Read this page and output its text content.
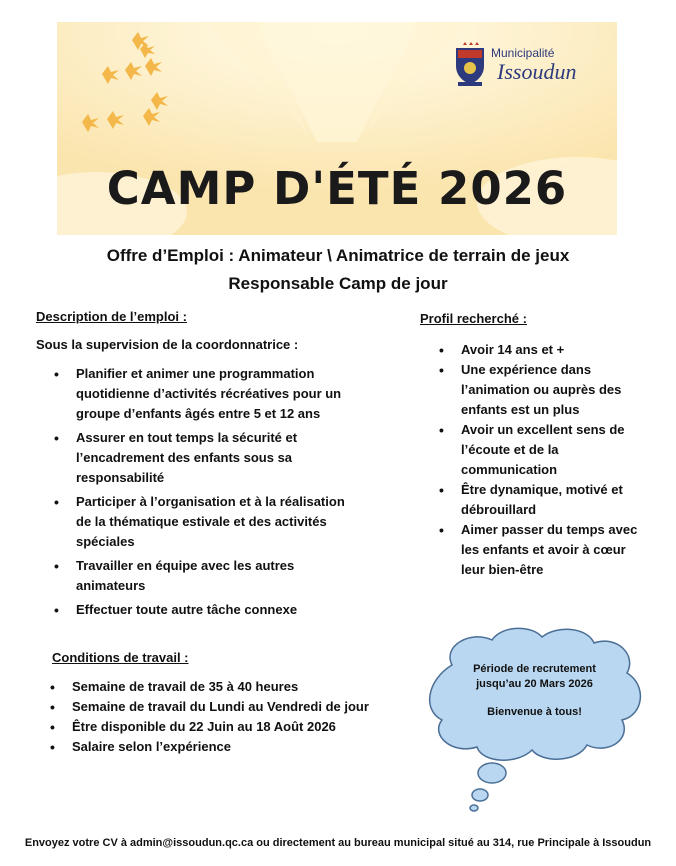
Municipalité
Issoudun
CAMP D'ÉTÉ 2026

Offre d’Emploi : Animateur \ Animatrice de terrain de jeux

Responsable Camp de jour

Description de l’emploi :

Sous la supervision de la coordonnatrice :

• Planifier et animer une programmation quotidienne d’activités récréatives pour un groupe d’enfants âgés entre 5 et 12 ans
• Assurer en tout temps la sécurité et l’encadrement des enfants sous sa responsabilité
• Participer à l’organisation et à la réalisation de la thématique estivale et des activités spéciales
• Travailler en équipe avec les autres animateurs
• Effectuer toute autre tâche connexe

Profil recherché :

• Avoir 14 ans et +
• Une expérience dans l’animation ou auprès des enfants est un plus
• Avoir un excellent sens de l’écoute et de la communication
• Être dynamique, motivé et débrouillard
• Aimer passer du temps avec les enfants et avoir à cœur leur bien-être

Conditions de travail :

• Semaine de travail de 35 à 40 heures
• Semaine de travail du Lundi au Vendredi de jour
• Être disponible du 22 Juin au 18 Août 2026
• Salaire selon l’expérience
Période de recrutement
jusqu’au 20 Mars 2026
Bienvenue à tous!

Envoyez votre CV à admin@issoudun.qc.ca ou directement au bureau municipal situé au 314, rue Principale à Issoudun
